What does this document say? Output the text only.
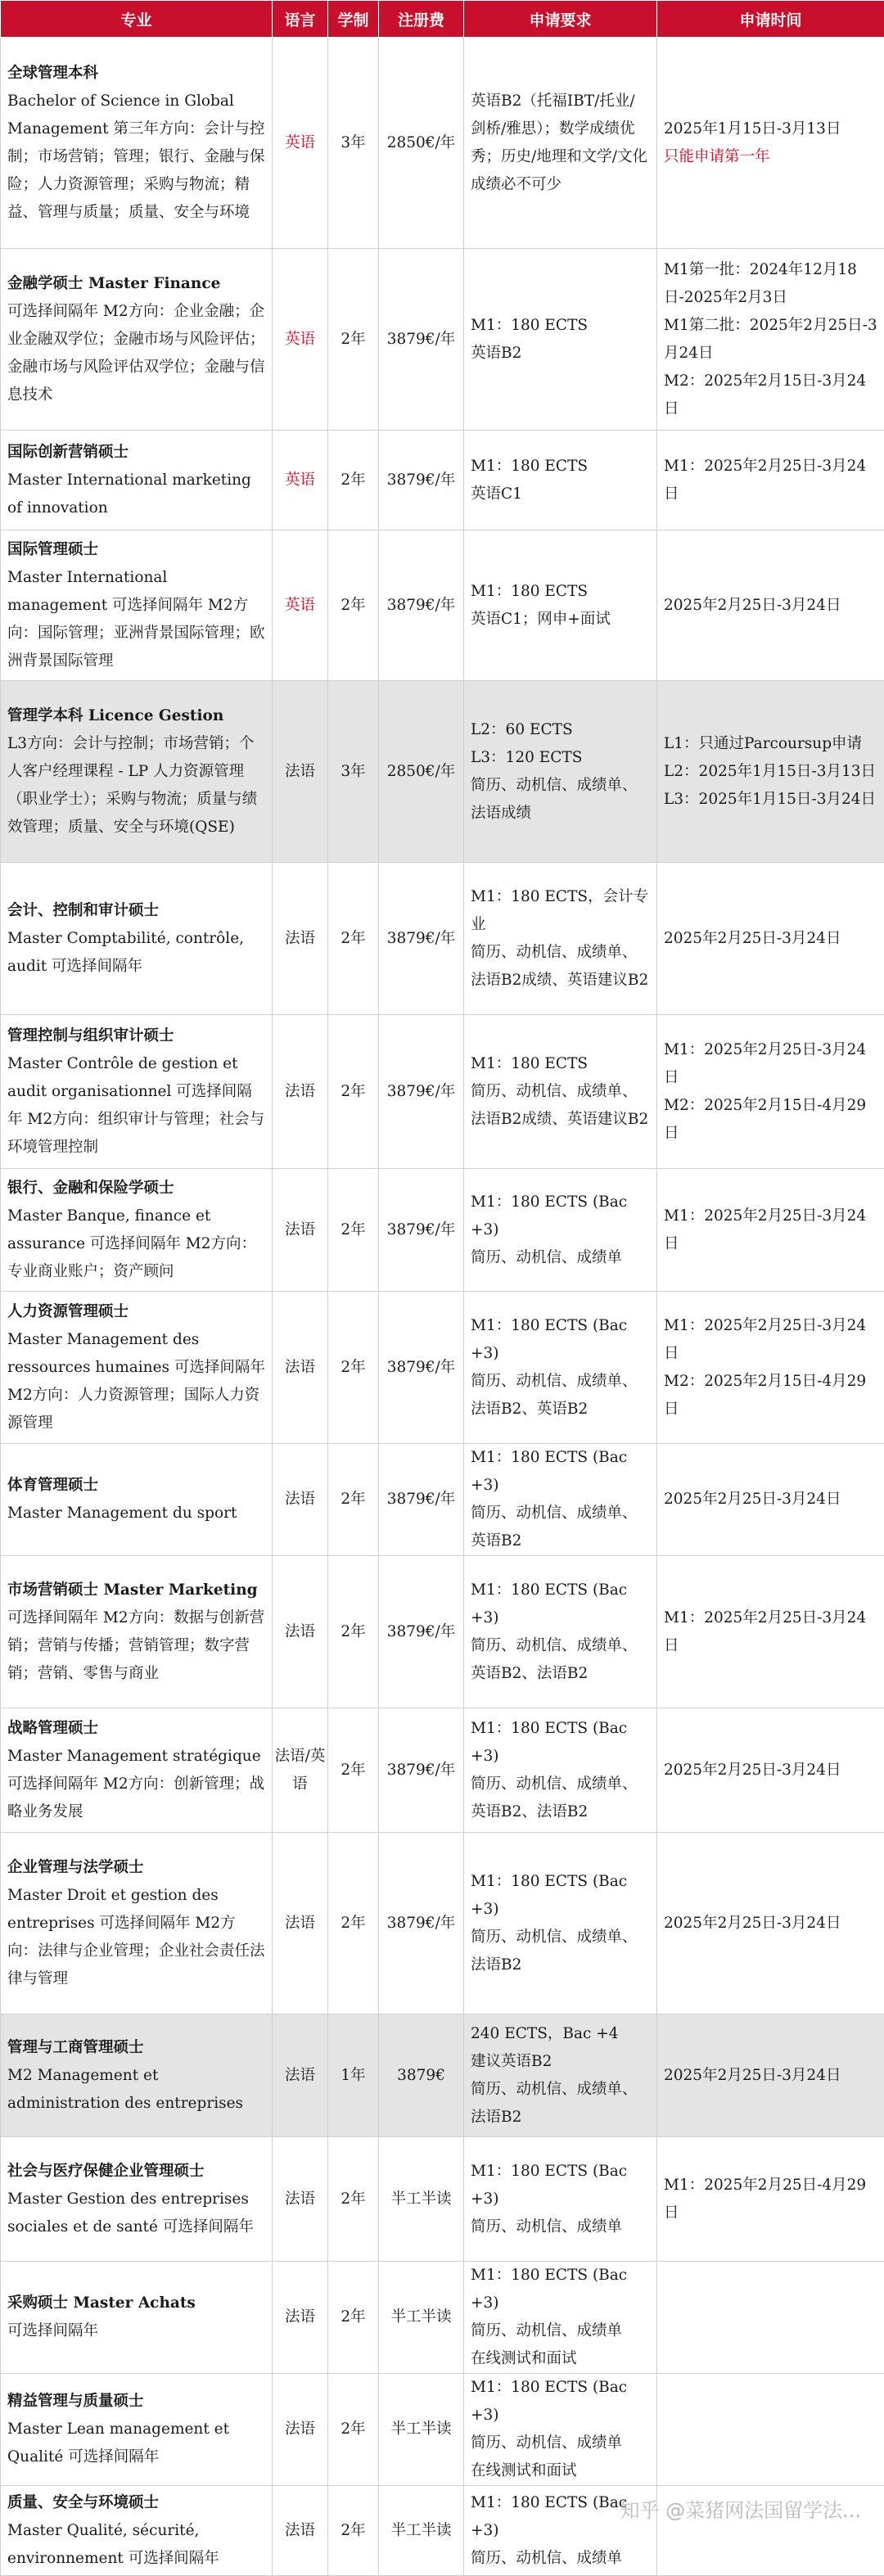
专业	语言	学制	注册费	申请要求	申请时间

全球管理本科
Bachelor of Science in Global Management 第三年方向：会计与控制；市场营销；管理；银行、金融与保险；人力资源管理；采购与物流；精益、管理与质量；质量、安全与环境	英语	3年	2850€/年	英语B2（托福IBT/托业/剑桥/雅思）；数学成绩优秀；历史/地理和文学/文化成绩必不可少	2025年1月15日-3月13日
只能申请第一年

金融学硕士 Master Finance
可选择间隔年 M2方向：企业金融；企业金融双学位；金融市场与风险评估；金融市场与风险评估双学位；金融与信息技术	英语	2年	3879€/年	M1：180 ECTS
英语B2	M1第一批：2024年12月18日-2025年2月3日
M1第二批：2025年2月25日-3月24日
M2：2025年2月15日-3月24日

国际创新营销硕士
Master International marketing of innovation	英语	2年	3879€/年	M1：180 ECTS
英语C1	M1：2025年2月25日-3月24日

国际管理硕士
Master International management 可选择间隔年 M2方向：国际管理；亚洲背景国际管理；欧洲背景国际管理	英语	2年	3879€/年	M1：180 ECTS
英语C1；网申+面试	2025年2月25日-3月24日

管理学本科 Licence Gestion
L3方向：会计与控制；市场营销；个人客户经理课程 - LP 人力资源管理（职业学士）；采购与物流；质量与绩效管理；质量、安全与环境(QSE)	法语	3年	2850€/年	L2：60 ECTS
L3：120 ECTS
简历、动机信、成绩单、法语成绩	L1：只通过Parcoursup申请
L2：2025年1月15日-3月13日
L3：2025年1月15日-3月24日

会计、控制和审计硕士
Master Comptabilité, contrôle, audit 可选择间隔年	法语	2年	3879€/年	M1：180 ECTS，会计专业
简历、动机信、成绩单、法语B2成绩、英语建议B2	2025年2月25日-3月24日

管理控制与组织审计硕士
Master Contrôle de gestion et audit organisationnel 可选择间隔年 M2方向：组织审计与管理；社会与环境管理控制	法语	2年	3879€/年	M1：180 ECTS
简历、动机信、成绩单、法语B2成绩、英语建议B2	M1：2025年2月25日-3月24日
M2：2025年2月15日-4月29日

银行、金融和保险学硕士
Master Banque, finance et assurance 可选择间隔年 M2方向：专业商业账户；资产顾问	法语	2年	3879€/年	M1：180 ECTS (Bac +3)
简历、动机信、成绩单	M1：2025年2月25日-3月24日

人力资源管理硕士
Master Management des ressources humaines 可选择间隔年 M2方向：人力资源管理；国际人力资源管理	法语	2年	3879€/年	M1：180 ECTS (Bac +3)
简历、动机信、成绩单、法语B2、英语B2	M1：2025年2月25日-3月24日
M2：2025年2月15日-4月29日

体育管理硕士
Master Management du sport	法语	2年	3879€/年	M1：180 ECTS (Bac +3)
简历、动机信、成绩单、英语B2	2025年2月25日-3月24日

市场营销硕士 Master Marketing
可选择间隔年 M2方向：数据与创新营销；营销与传播；营销管理；数字营销；营销、零售与商业	法语	2年	3879€/年	M1：180 ECTS (Bac +3)
简历、动机信、成绩单、英语B2、法语B2	M1：2025年2月25日-3月24日

战略管理硕士
Master Management stratégique 可选择间隔年 M2方向：创新管理；战略业务发展	法语/英语	2年	3879€/年	M1：180 ECTS (Bac +3)
简历、动机信、成绩单、英语B2、法语B2	2025年2月25日-3月24日

企业管理与法学硕士
Master Droit et gestion des entreprises 可选择间隔年 M2方向：法律与企业管理；企业社会责任法律与管理	法语	2年	3879€/年	M1：180 ECTS (Bac +3)
简历、动机信、成绩单、法语B2	2025年2月25日-3月24日

管理与工商管理硕士
M2 Management et administration des entreprises	法语	1年	3879€	240 ECTS，Bac +4
建议英语B2
简历、动机信、成绩单、法语B2	2025年2月25日-3月24日

社会与医疗保健企业管理硕士
Master Gestion des entreprises sociales et de santé 可选择间隔年	法语	2年	半工半读	M1：180 ECTS (Bac +3)
简历、动机信、成绩单	M1：2025年2月25日-4月29日

采购硕士 Master Achats
可选择间隔年	法语	2年	半工半读	M1：180 ECTS (Bac +3)
简历、动机信、成绩单
在线测试和面试	

精益管理与质量硕士
Master Lean management et Qualité 可选择间隔年	法语	2年	半工半读	M1：180 ECTS (Bac +3)
简历、动机信、成绩单
在线测试和面试	

质量、安全与环境硕士
Master Qualité, sécurité, environnement 可选择间隔年	法语	2年	半工半读	M1：180 ECTS (Bac +3)
简历、动机信、成绩单	

知乎 @菜猪网法国留学法...
